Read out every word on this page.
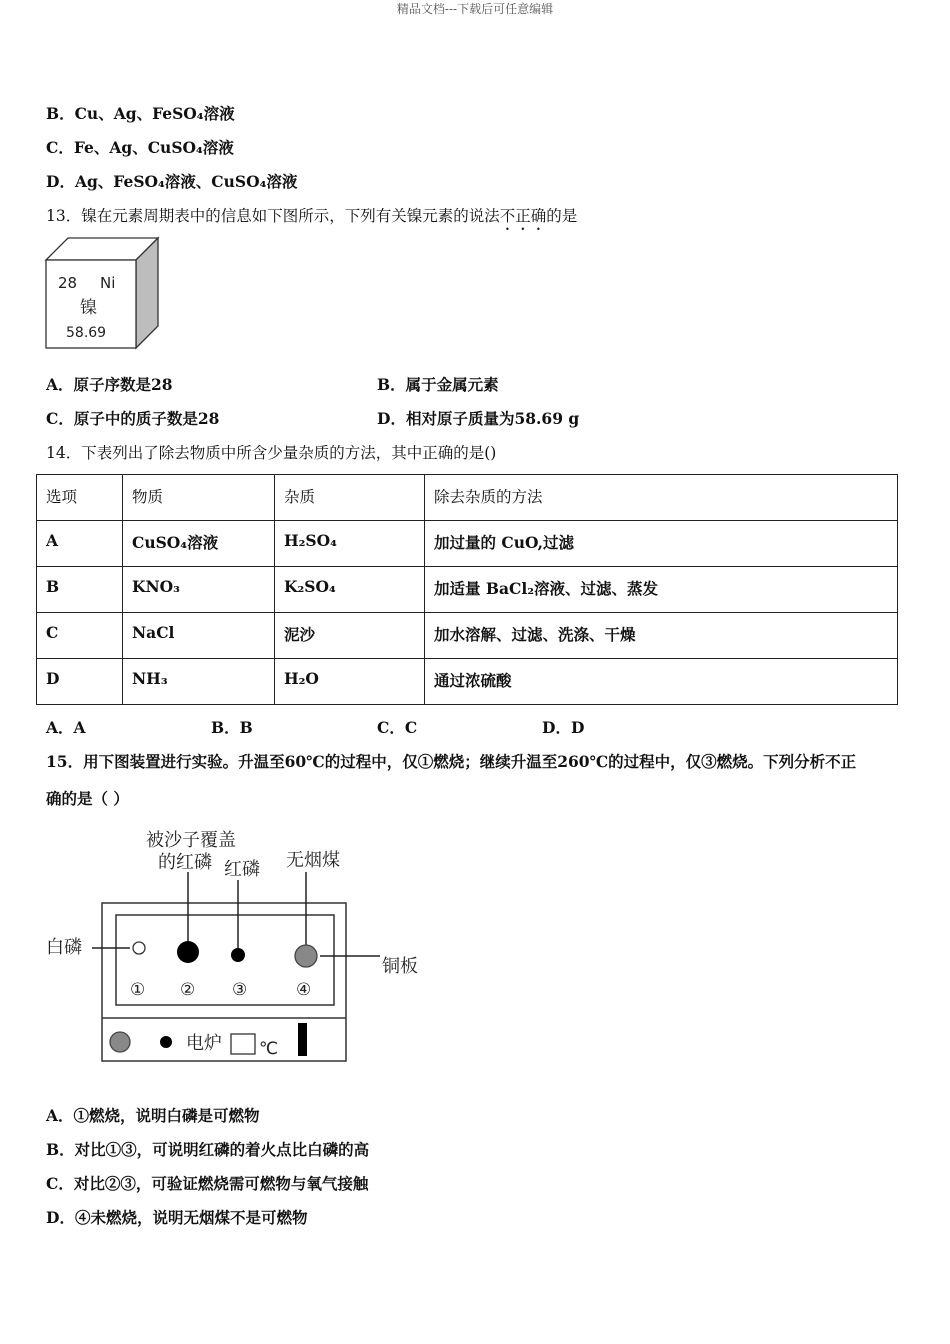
精品文档---下载后可任意编辑
B．Cu、Ag、FeSO₄溶液
C．Fe、Ag、CuSO₄溶液
D．Ag、FeSO₄溶液、CuSO₄溶液
13．镍在元素周期表中的信息如下图所示，下列有关镍元素的说法不正确的是
28 Ni
镍
58.69
A．原子序数是28	B．属于金属元素
C．原子中的质子数是28	D．相对原子质量为58.69 g
14．下表列出了除去物质中所含少量杂质的方法，其中正确的是()
选项	物质	杂质	除去杂质的方法
A	CuSO₄溶液	H₂SO₄	加过量的 CuO,过滤
B	KNO₃	K₂SO₄	加适量 BaCl₂溶液、过滤、蒸发
C	NaCl	泥沙	加水溶解、过滤、洗涤、干燥
D	NH₃	H₂O	通过浓硫酸
A．A	B．B	C．C	D．D
15．用下图装置进行实验。升温至60℃的过程中，仅①燃烧；继续升温至260℃的过程中，仅③燃烧。下列分析不正
确的是（ ）
被沙子覆盖
的红磷 红磷 无烟煤
白磷
铜板
① ② ③	④
电炉 ℃
A．①燃烧，说明白磷是可燃物
B．对比①③，可说明红磷的着火点比白磷的高
C．对比②③，可验证燃烧需可燃物与氧气接触
D．④未燃烧，说明无烟煤不是可燃物
